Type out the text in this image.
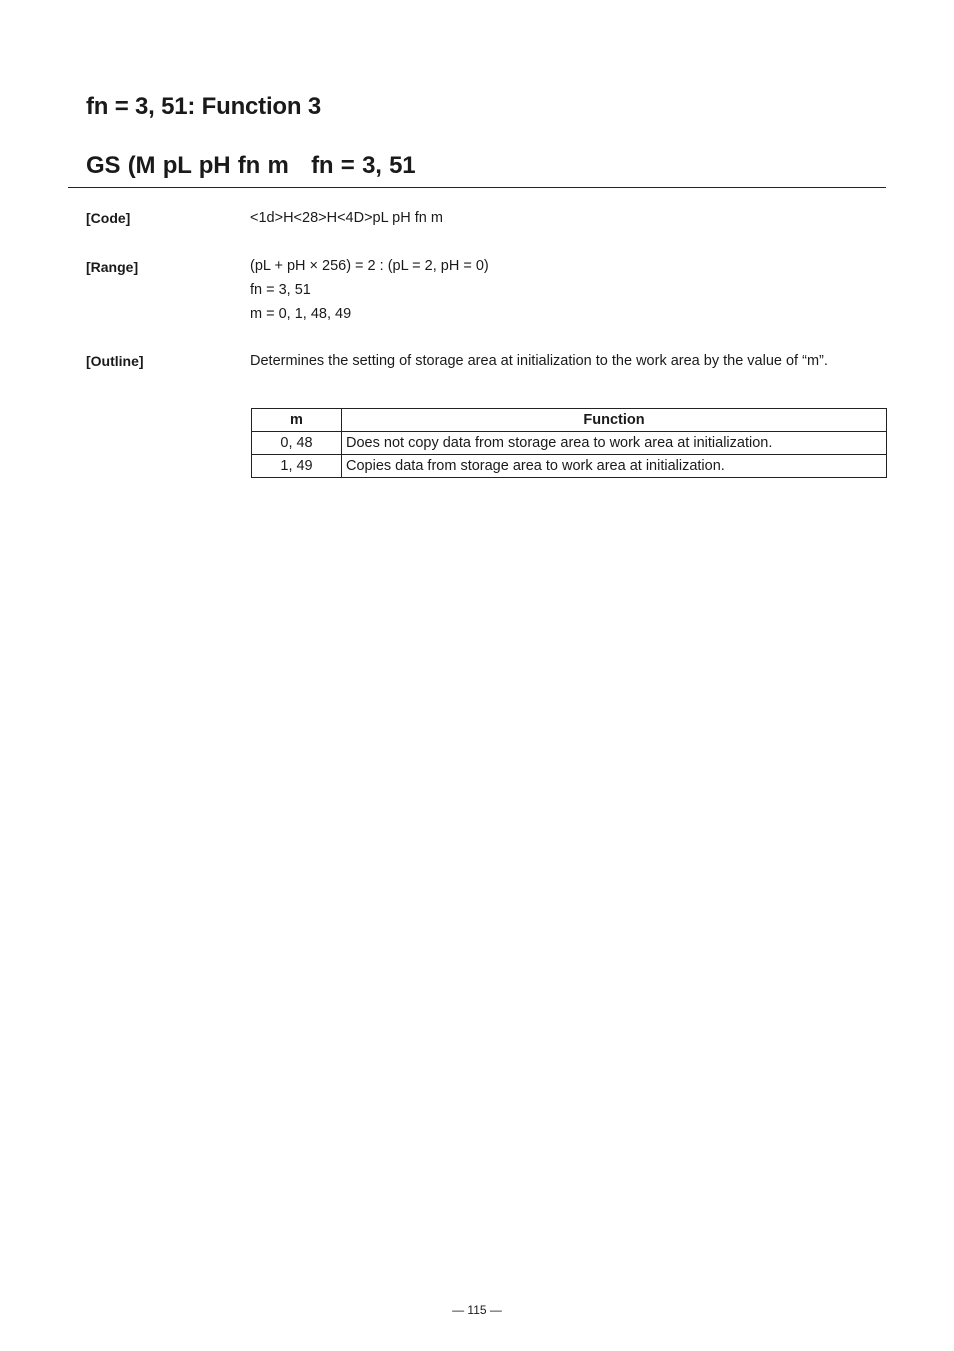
fn = 3, 51: Function 3
GS (M pL pH fn m   fn = 3, 51
[Code]	<1d>H<28>H<4D>pL pH fn m
[Range]	(pL + pH × 256) = 2 : (pL = 2, pH = 0)
fn = 3, 51
m = 0, 1, 48, 49
[Outline]	Determines the setting of storage area at initialization to the work area by the value of “m”.

m	Function
0, 48	Does not copy data from storage area to work area at initialization.
1, 49	Copies data from storage area to work area at initialization.
— 115 —
